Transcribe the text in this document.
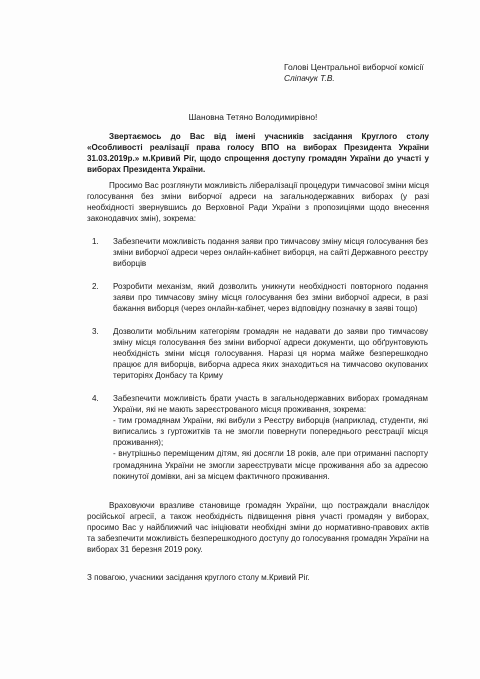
Голові Центральної виборчої комісії
Сліпачук Т.В.
Шановна Тетяно Володимирівно!
Звертаємось до Вас від імені учасників засідання Круглого столу «Особливості реалізації права голосу ВПО на виборах Президента України 31.03.2019р.» м.Кривий Ріг, щодо спрощення доступу громадян України до участі у виборах Президента України.
Просимо Вас розглянути можливість лібералізації процедури тимчасової зміни місця голосування без зміни виборчої адреси на загальнодержавних виборах (у разі необхідності звернувшись до Верховної Ради України з пропозиціями щодо внесення законодавчих змін), зокрема:
1. Забезпечити можливість подання заяви про тимчасову зміну місця голосування без зміни виборчої адреси через онлайн-кабінет виборця, на сайті Державного реєстру виборців
2. Розробити механізм, який дозволить уникнути необхідності повторного подання заяви про тимчасову зміну місця голосування без зміни виборчої адреси, в разі бажання виборця (через онлайн-кабінет, через відповідну позначку в заяві тощо)
3. Дозволити мобільним категоріям громадян не надавати до заяви про тимчасову зміну місця голосування без зміни виборчої адреси документи, що обґрунтовують необхідність зміни місця голосування. Наразі ця норма майже безперешкодно працює для виборців, виборча адреса яких знаходиться на тимчасово окупованих територіях Донбасу та Криму
4. Забезпечити можливість брати участь в загальнодержавних виборах громадянам України, які не мають зареєстрованого місця проживання, зокрема:
- тим громадянам України, які вибули з Реєстру виборців (наприклад, студенти, які виписались з гуртожитків та не змогли повернути попереднього реєстрації місця проживання);
- внутрішньо переміщеним дітям, які досягли 18 років, але при отриманні паспорту громадянина України не змогли зареєструвати місце проживання або за адресою покинутої домівки, ані за місцем фактичного проживання.
Враховуючи вразливе становище громадян України, що постраждали внаслідок російської агресії, а також необхідність підвищення рівня участі громадян у виборах, просимо Вас у найближчий час ініціювати необхідні зміни до нормативно-правових актів та забезпечити можливість безперешкодного доступу до голосування громадян України на виборах 31 березня 2019 року.
З повагою, учасники засідання круглого столу м.Кривий Ріг.
